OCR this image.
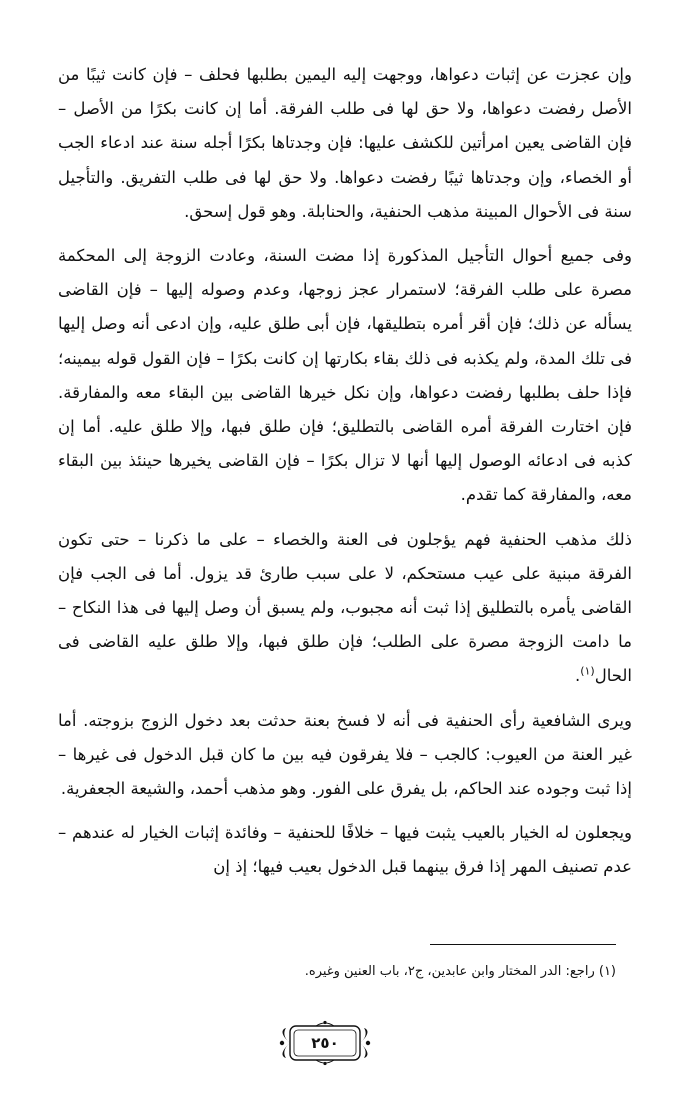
وإن عجزت عن إثبات دعواها، ووجهت إليه اليمين بطلبها فحلف – فإن كانت ثيبًا من الأصل رفضت دعواها، ولا حق لها فى طلب الفرقة. أما إن كانت بكرًا من الأصل – فإن القاضى يعين امرأتين للكشف عليها: فإن وجدتاها بكرًا أجله سنة عند ادعاء الجب أو الخصاء، وإن وجدتاها ثيبًا رفضت دعواها. ولا حق لها فى طلب التفريق. والتأجيل سنة فى الأحوال المبينة مذهب الحنفية، والحنابلة. وهو قول إسحق.

وفى جميع أحوال التأجيل المذكورة إذا مضت السنة، وعادت الزوجة إلى المحكمة مصرة على طلب الفرقة؛ لاستمرار عجز زوجها، وعدم وصوله إليها – فإن القاضى يسأله عن ذلك؛ فإن أقر أمره بتطليقها، فإن أبى طلق عليه، وإن ادعى أنه وصل إليها فى تلك المدة، ولم يكذبه فى ذلك بقاء بكارتها إن كانت بكرًا – فإن القول قوله بيمينه؛ فإذا حلف بطلبها رفضت دعواها، وإن نكل خيرها القاضى بين البقاء معه والمفارقة. فإن اختارت الفرقة أمره القاضى بالتطليق؛ فإن طلق فبها، وإلا طلق عليه. أما إن كذبه فى ادعائه الوصول إليها أنها لا تزال بكرًا – فإن القاضى يخيرها حينئذ بين البقاء معه، والمفارقة كما تقدم.

ذلك مذهب الحنفية فهم يؤجلون فى العنة والخصاء – على ما ذكرنا – حتى تكون الفرقة مبنية على عيب مستحكم، لا على سبب طارئ قد يزول. أما فى الجب فإن القاضى يأمره بالتطليق إذا ثبت أنه مجبوب، ولم يسبق أن وصل إليها فى هذا النكاح – ما دامت الزوجة مصرة على الطلب؛ فإن طلق فبها، وإلا طلق عليه القاضى فى الحال$^{(١)}$.

ويرى الشافعية رأى الحنفية فى أنه لا فسخ بعنة حدثت بعد دخول الزوج بزوجته. أما غير العنة من العيوب: كالجب – فلا يفرقون فيه بين ما كان قبل الدخول فى غيرها – إذا ثبت وجوده عند الحاكم، بل يفرق على الفور. وهو مذهب أحمد، والشيعة الجعفرية.

ويجعلون له الخيار بالعيب يثبت فيها – خلافًا للحنفية – وفائدة إثبات الخيار له عندهم – عدم تصنيف المهر إذا فرق بينهما قبل الدخول بعيب فيها؛ إذ إن

(١) راجع: الدر المختار وابن عابدين، ج٢، باب العنين وغيره.
٢٥٠
